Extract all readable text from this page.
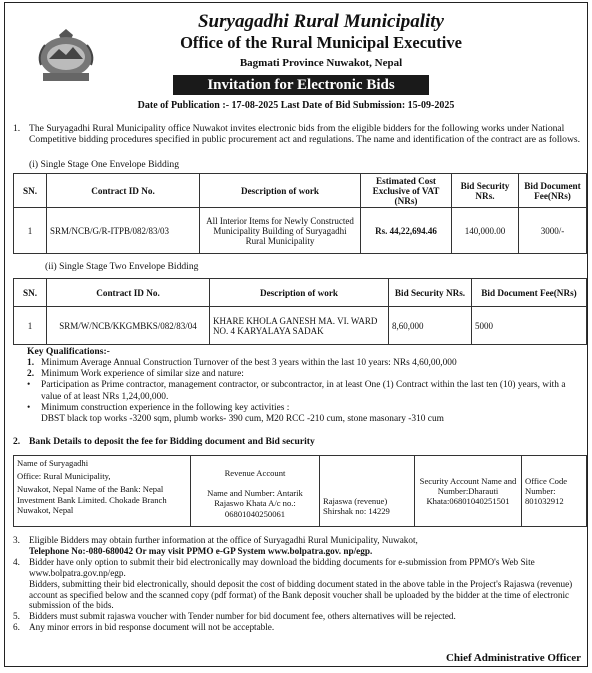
Suryagadhi Rural Municipality
Office of the Rural Municipal Executive
Bagmati Province Nuwakot, Nepal
Invitation for Electronic Bids
Date of Publication :- 17-08-2025 Last Date of Bid Submission: 15-09-2025
1. The Suryagadhi Rural Municipality office Nuwakot invites electronic bids from the eligible bidders for the following works under National Competitive bidding procedures specified in public procurement act and regulations. The name and identification of the contract are as follows.
(i) Single Stage One Envelope Bidding
SN.	Contract ID No.	Description of work	Estimated Cost Exclusive of VAT (NRs)	Bid Security NRs.	Bid Document Fee(NRs)
1	SRM/NCB/G/R-ITPB/082/83/03	All Interior Items for Newly Constructed Municipality Building of Suryagadhi Rural Municipality	Rs. 44,22,694.46	140,000.00	3000/-
(ii) Single Stage Two Envelope Bidding
SN.	Contract ID No.	Description of work	Bid Security NRs.	Bid Document Fee(NRs)
1	SRM/W/NCB/KKGMBKS/082/83/04	KHARE KHOLA GANESH MA. VI. WARD NO. 4 KARYALAYA SADAK	8,60,000	5000
Key Qualifications:-
1. Minimum Average Annual Construction Turnover of the best 3 years within the last 10 years: NRs 4,60,00,000
2. Minimum Work experience of similar size and nature:
•	Participation as Prime contractor, management contractor, or subcontractor, in at least One (1) Contract within the last ten (10) years, with a value of at least NRs 1,24,00,000.
•	Minimum construction experience in the following key activities :
DBST black top works -3200 sqm, plumb works- 390 cum, M20 RCC -210 cum, stone masonary -310 cum
2. Bank Details to deposit the fee for Bidding document and Bid security
Name of Suryagadhi
Office: Rural Municipality,
Nuwakot, Nepal Name of the Bank: Nepal Investment Bank Limited. Chokade Branch Nuwakot, Nepal

Revenue Account
Name and Number: Antarik Rajaswo Khata A/c no.: 06801040250061

Rajaswa (revenue) Shirshak no: 14229

Security Account Name and Number:Dharauti Khata:06801040251501

Office Code Number: 801032912
3. Eligible Bidders may obtain further information at the office of Suryagadhi Rural Municipality, Nuwakot,
Telephone No:-080-680042 Or may visit PPMO e-GP System www.bolpatra.gov. np/egp.
4. Bidder have only option to submit their bid electronically may download the bidding documents for e-submission from PPMO's Web Site www.bolpatra.gov.np/egp.
Bidders, submitting their bid electronically, should deposit the cost of bidding document stated in the above table in the Project's Rajaswa (revenue) account as specified below and the scanned copy (pdf format) of the Bank deposit voucher shall be uploaded by the bidder at the time of electronic submission of the bids.
5. Bidders must submit rajaswa voucher with Tender number for bid document fee, others alternatives will be rejected.
6. Any minor errors in bid response document will not be acceptable.
Chief Administrative Officer
